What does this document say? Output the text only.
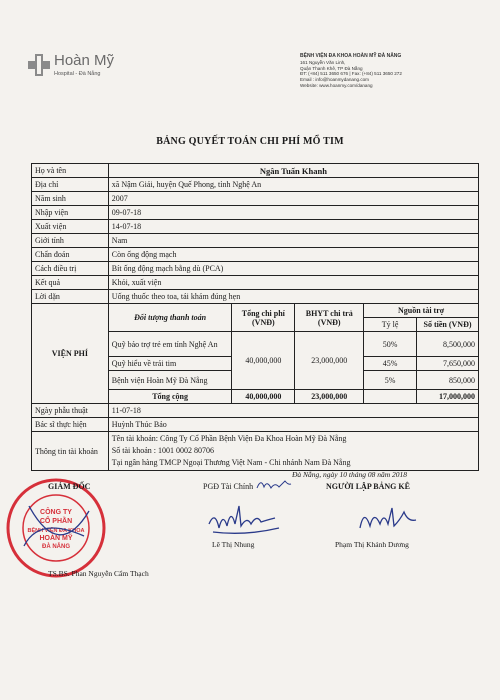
Hoàn Mỹ
Hospital - Đà Nẵng
BỆNH VIỆN ĐA KHOA HOÀN MỸ ĐÀ NẴNG
161 Nguyễn Văn Linh,
Quận Thanh Khê, TP Đà Nẵng
ĐT: (+84) 511 3650 676 | Fax: (+84) 511 3650 272
Email : info@hoanmydanang.com
Website: www.hoanmy.com/danang
BẢNG QUYẾT TOÁN CHI PHÍ MỔ TIM
Họ và tên	Ngân Tuấn Khanh				
Địa chỉ	xã Nậm Giải, huyện Quế Phong, tỉnh Nghệ An				
Năm sinh	2007				
Nhập viện	09-07-18				
Xuất viện	14-07-18				
Giới tính	Nam				
Chẩn đoán	Còn ống động mạch				
Cách điều trị	Bít ống động mạch bằng dù (PCA)				
Kết quả	Khỏi, xuất viện				
Lời dặn	Uống thuốc theo toa, tái khám đúng hẹn				
VIỆN PHÍ	Đối tượng thanh toán	Tổng chi phí (VNĐ)	BHYT chi trả (VNĐ)	Nguồn tài trợ	
				Tỷ lệ	Số tiền (VNĐ)
	Quỹ bảo trợ trẻ em tỉnh Nghệ An	40,000,000	23,000,000	50%	8,500,000
	Quỹ hiểu về trái tim			45%	7,650,000
	Bệnh viện Hoàn Mỹ Đà Nẵng			5%	850,000
	Tổng cộng	40,000,000	23,000,000		17,000,000
Ngày phẫu thuật	11-07-18				
Bác sĩ thực hiện	Huỳnh Thúc Bảo				
Thông tin tài khoản	Tên tài khoản: Công Ty Cổ Phần Bệnh Viện Đa Khoa Hoàn Mỹ Đà Nẵng
Số tài khoản : 1001 0002 80706
Tại ngân hàng TMCP Ngoại Thương Việt Nam - Chi nhánh Nam Đà Nẵng				
Đà Nẵng, ngày 10 tháng 08 năm 2018
CÔNG TY
CỔ PHẦN
BỆNH VIỆN ĐA KHOA
HOÀN MỸ
ĐÀ NẴNG
GIÁM ĐỐC
TS.BS. Phan Nguyễn Cẩm Thạch
PGĐ Tài Chính
Lê Thị Nhung
NGƯỜI LẬP BẢNG KÊ
Phạm Thị Khánh Dương
